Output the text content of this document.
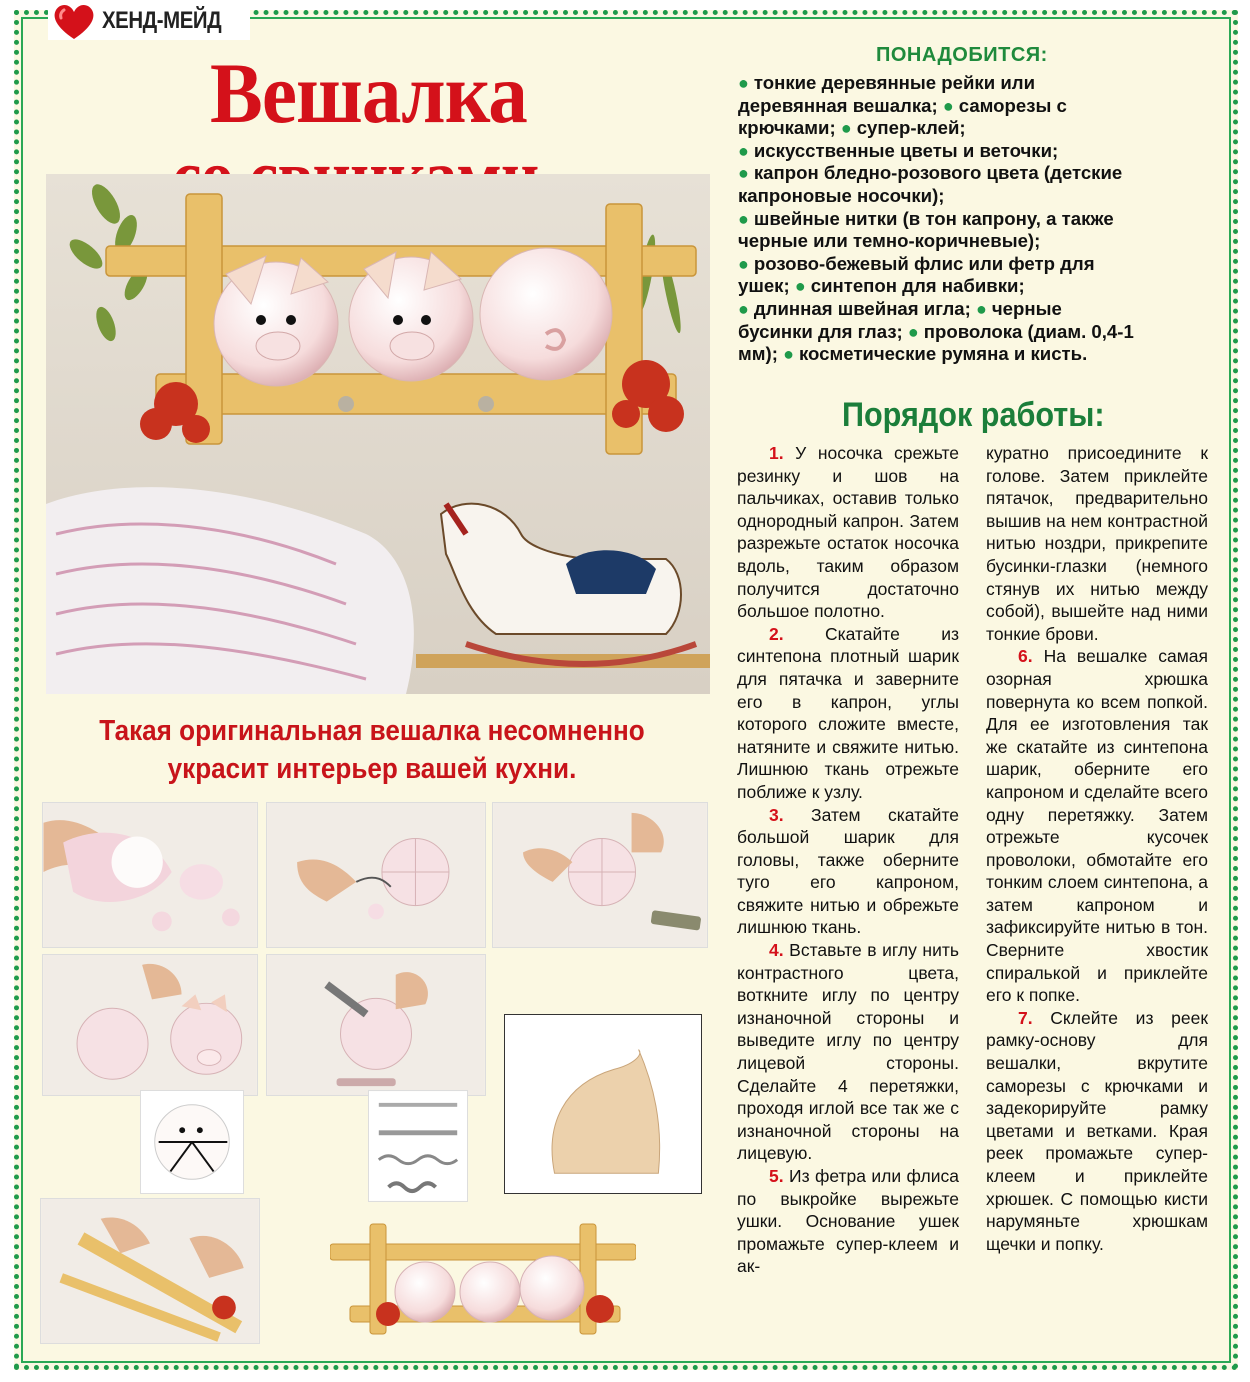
ХЕНД-МЕЙД
Вешалка
Такая оригинальная вешалка несомненно
украсит интерьер вашей кухни.
ПОНАДОБИТСЯ:
● тонкие деревянные рейки или деревянная вешалка; ● саморезы с крючками; ● супер-клей;
● искусственные цветы и веточки;
● капрон бледно-розового цвета (детские капроновые носочки);
● швейные нитки (в тон капрону, а также черные или темно-коричневые);
● розово-бежевый флис или фетр для ушек; ● синтепон для набивки;
● длинная швейная игла; ● черные бусинки для глаз; ● проволока (диам. 0,4-1 мм); ● косметические румяна и кисть.
Порядок работы:

1. У носочка срежьте резинку и шов на пальчиках, оставив только однородный капрон. Затем разрежьте остаток носочка вдоль, таким образом получится достаточно большое полотно.

2. Скатайте из синтепона плотный шарик для пятачка и заверните его в капрон, углы которого сложите вместе, натяните и свяжите нитью. Лишнюю ткань отрежьте поближе к узлу.

3. Затем скатайте большой шарик для головы, также оберните туго его капроном, свяжите нитью и обрежьте лишнюю ткань.

4. Вставьте в иглу нить контрастного цвета, воткните иглу по центру изнаночной стороны и выведите иглу по центру лицевой стороны. Сделайте 4 перетяжки, проходя иглой все так же с изнаночной стороны на лицевую.

5. Из фетра или флиса по выкройке вырежьте ушки. Основание ушек промажьте супер-клеем и ак-

куратно присоедините к голове. Затем приклейте пятачок, предварительно вышив на нем контрастной нитью ноздри, прикрепите бусинки-глазки (немного стянув их нитью между собой), вышейте над ними тонкие брови.

6. На вешалке самая озорная хрюшка повернута ко всем попкой. Для ее изготовления так же скатайте из синтепона шарик, оберните его капроном и сделайте всего одну перетяжку. Затем отрежьте кусочек проволоки, обмотайте его тонким слоем синтепона, а затем капроном и зафиксируйте нитью в тон. Сверните хвостик спиралькой и приклейте его к попке.

7. Склейте из реек рамку-основу для вешалки, вкрутите саморезы с крючками и задекорируйте рамку цветами и ветками. Края реек промажьте супер-клеем и приклейте хрюшек. С помощью кисти нарумяньте хрюшкам щечки и попку.
